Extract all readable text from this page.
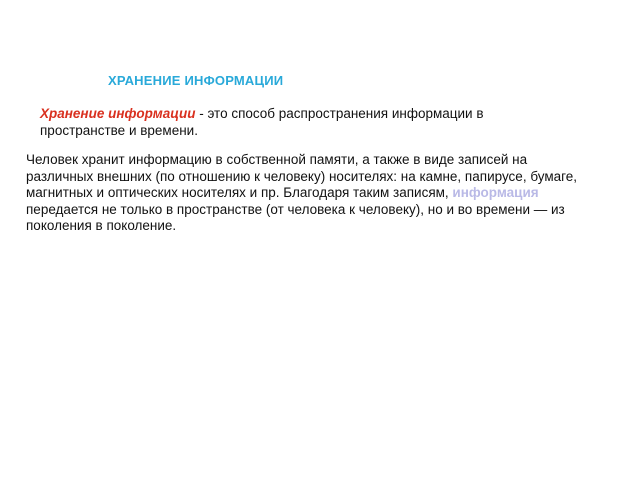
ХРАНЕНИЕ ИНФОРМАЦИИ
Хранение информации - это способ распространения информации в пространстве и времени.
Человек хранит информацию в собственной памяти, а также в виде записей на различных внешних (по отношению к человеку) носителях: на камне, папирусе, бумаге, магнитных и оптических носителях и пр. Благодаря таким записям, информация передается не только в пространстве (от человека к человеку), но и во времени — из поколения в поколение.
